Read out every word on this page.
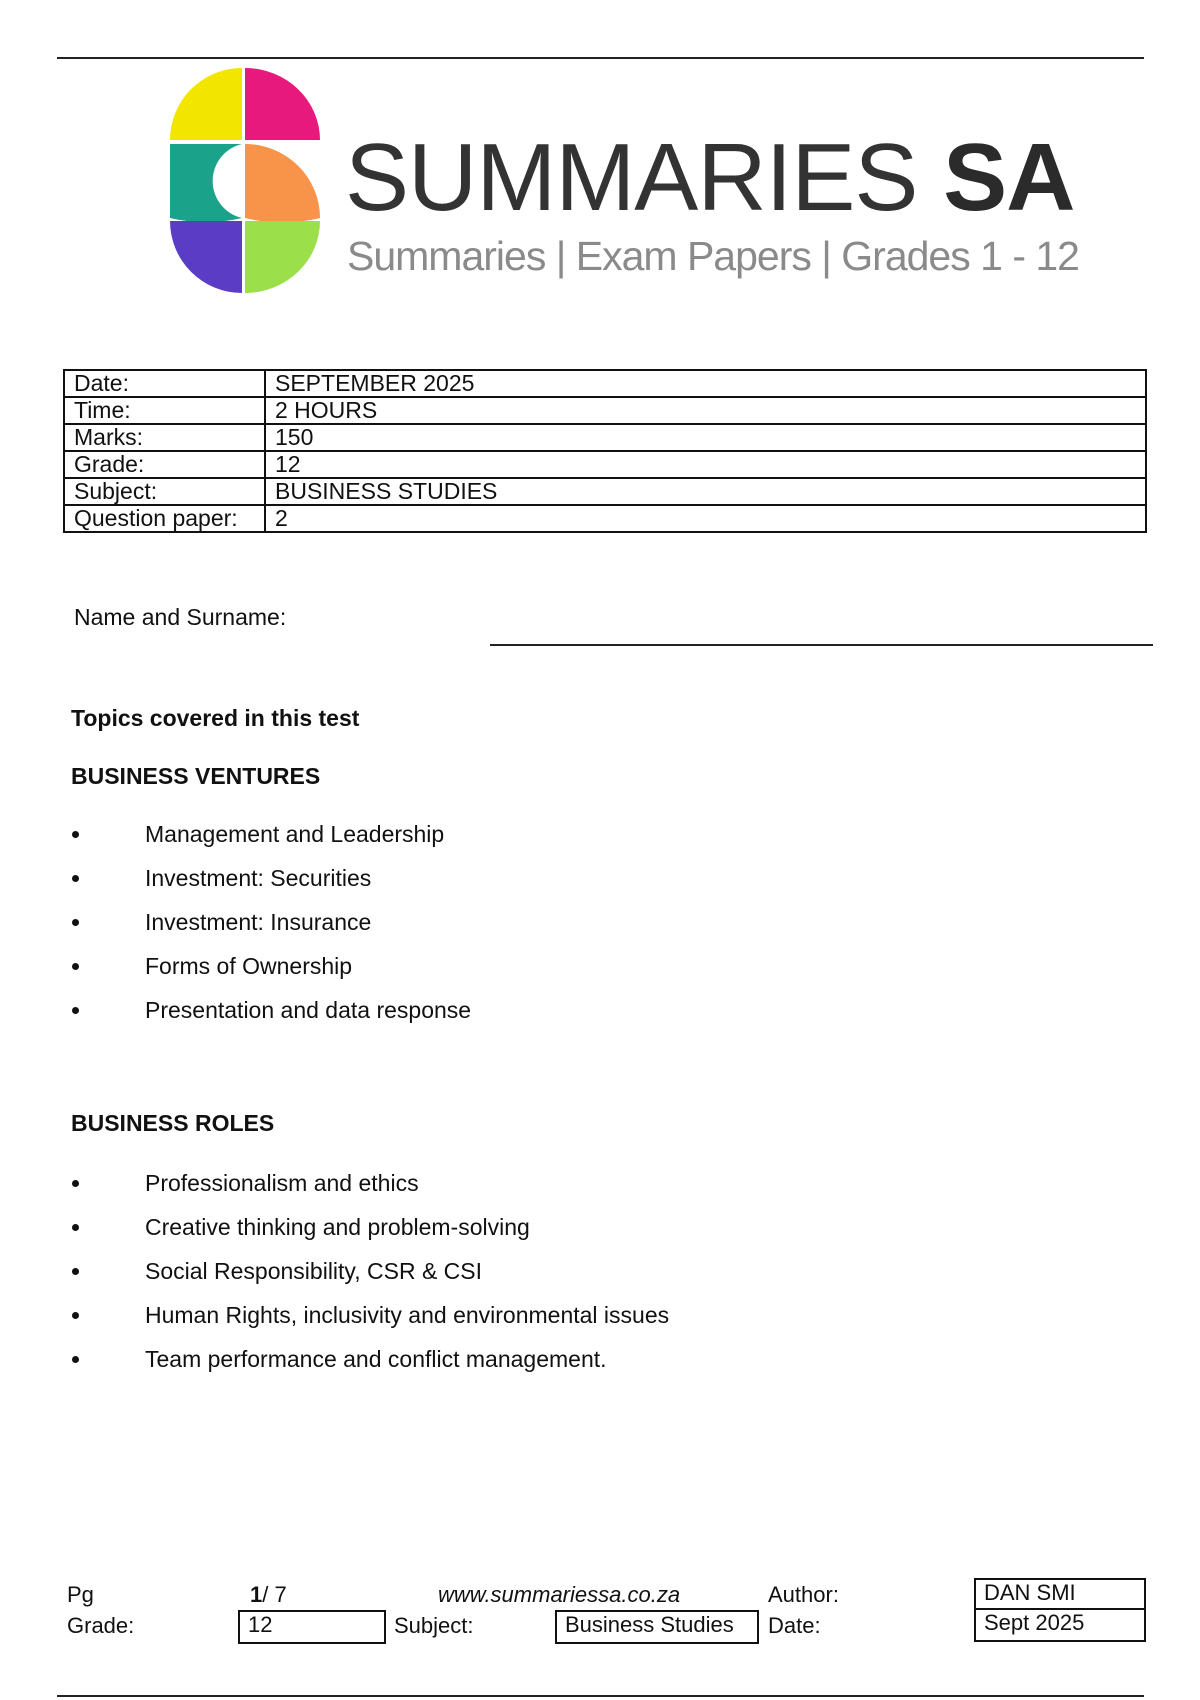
SUMMARIES SA
Summaries | Exam Papers | Grades 1 - 12
Date:	SEPTEMBER 2025
Time:	2 HOURS
Marks:	150
Grade:	12
Subject:	BUSINESS STUDIES
Question paper:	2
Name and Surname:
Topics covered in this test
BUSINESS VENTURES
Management and Leadership
Investment: Securities
Investment: Insurance
Forms of Ownership
Presentation and data response
BUSINESS ROLES
Professionalism and ethics
Creative thinking and problem-solving
Social Responsibility, CSR & CSI
Human Rights, inclusivity and environmental issues
Team performance and conflict management.
Pg	1/ 7	www.summariessa.co.za	Author:	DAN SMI
Grade:	12	Subject:	Business Studies	Date:	Sept 2025
